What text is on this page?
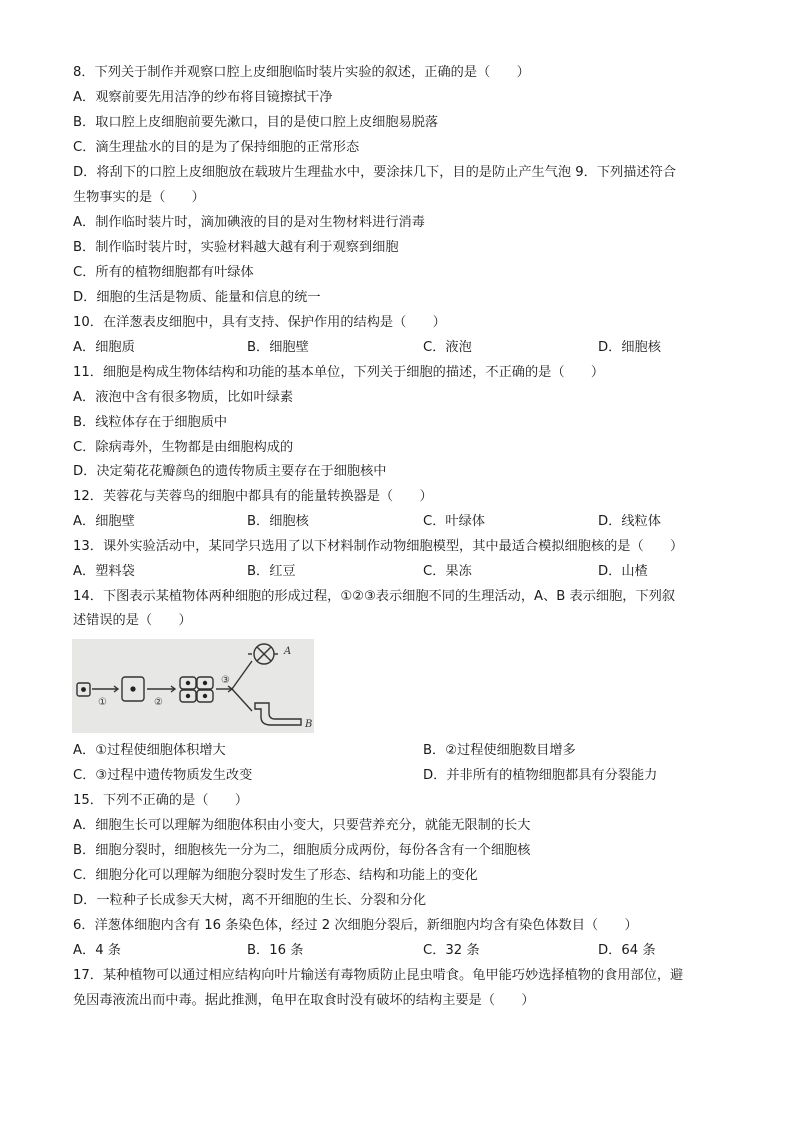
8．下列关于制作并观察口腔上皮细胞临时装片实验的叙述，正确的是（　　）
A．观察前要先用洁净的纱布将目镜擦拭干净
B．取口腔上皮细胞前要先漱口，目的是使口腔上皮细胞易脱落
C．滴生理盐水的目的是为了保持细胞的正常形态
D．将刮下的口腔上皮细胞放在载玻片生理盐水中，要涂抹几下，目的是防止产生气泡 9．下列描述符合
生物事实的是（　　）
A．制作临时装片时，滴加碘液的目的是对生物材料进行消毒
B．制作临时装片时，实验材料越大越有利于观察到细胞
C．所有的植物细胞都有叶绿体
D．细胞的生活是物质、能量和信息的统一
10．在洋葱表皮细胞中，具有支持、保护作用的结构是（　　）
A．细胞质	B．细胞壁	C．液泡	D．细胞核
11．细胞是构成生物体结构和功能的基本单位，下列关于细胞的描述，不正确的是（　　）
A．液泡中含有很多物质，比如叶绿素
B．线粒体存在于细胞质中
C．除病毒外，生物都是由细胞构成的
D．决定菊花花瓣颜色的遗传物质主要存在于细胞核中
12．芙蓉花与芙蓉鸟的细胞中都具有的能量转换器是（　　）
A．细胞壁	B．细胞核	C．叶绿体	D．线粒体
13．课外实验活动中，某同学只选用了以下材料制作动物细胞模型，其中最适合模拟细胞核的是（　　）
A．塑料袋	B．红豆	C．果冻	D．山楂
14．下图表示某植物体两种细胞的形成过程，①②③表示细胞不同的生理活动，A、B 表示细胞，下列叙
述错误的是（　　）
①	②
③
A
B
A．①过程使细胞体积增大	B．②过程使细胞数目增多
C．③过程中遗传物质发生改变	D．并非所有的植物细胞都具有分裂能力
15．下列不正确的是（　　）
A．细胞生长可以理解为细胞体积由小变大，只要营养充分，就能无限制的长大
B．细胞分裂时，细胞核先一分为二，细胞质分成两份，每份各含有一个细胞核
C．细胞分化可以理解为细胞分裂时发生了形态、结构和功能上的变化
D．一粒种子长成参天大树，离不开细胞的生长、分裂和分化
6．洋葱体细胞内含有 16 条染色体，经过 2 次细胞分裂后，新细胞内均含有染色体数目（　　）
A．4 条	B．16 条	C．32 条	D．64 条
17．某种植物可以通过相应结构向叶片输送有毒物质防止昆虫啃食。龟甲能巧妙选择植物的食用部位，避
免因毒液流出而中毒。据此推测，龟甲在取食时没有破坏的结构主要是（　　）
